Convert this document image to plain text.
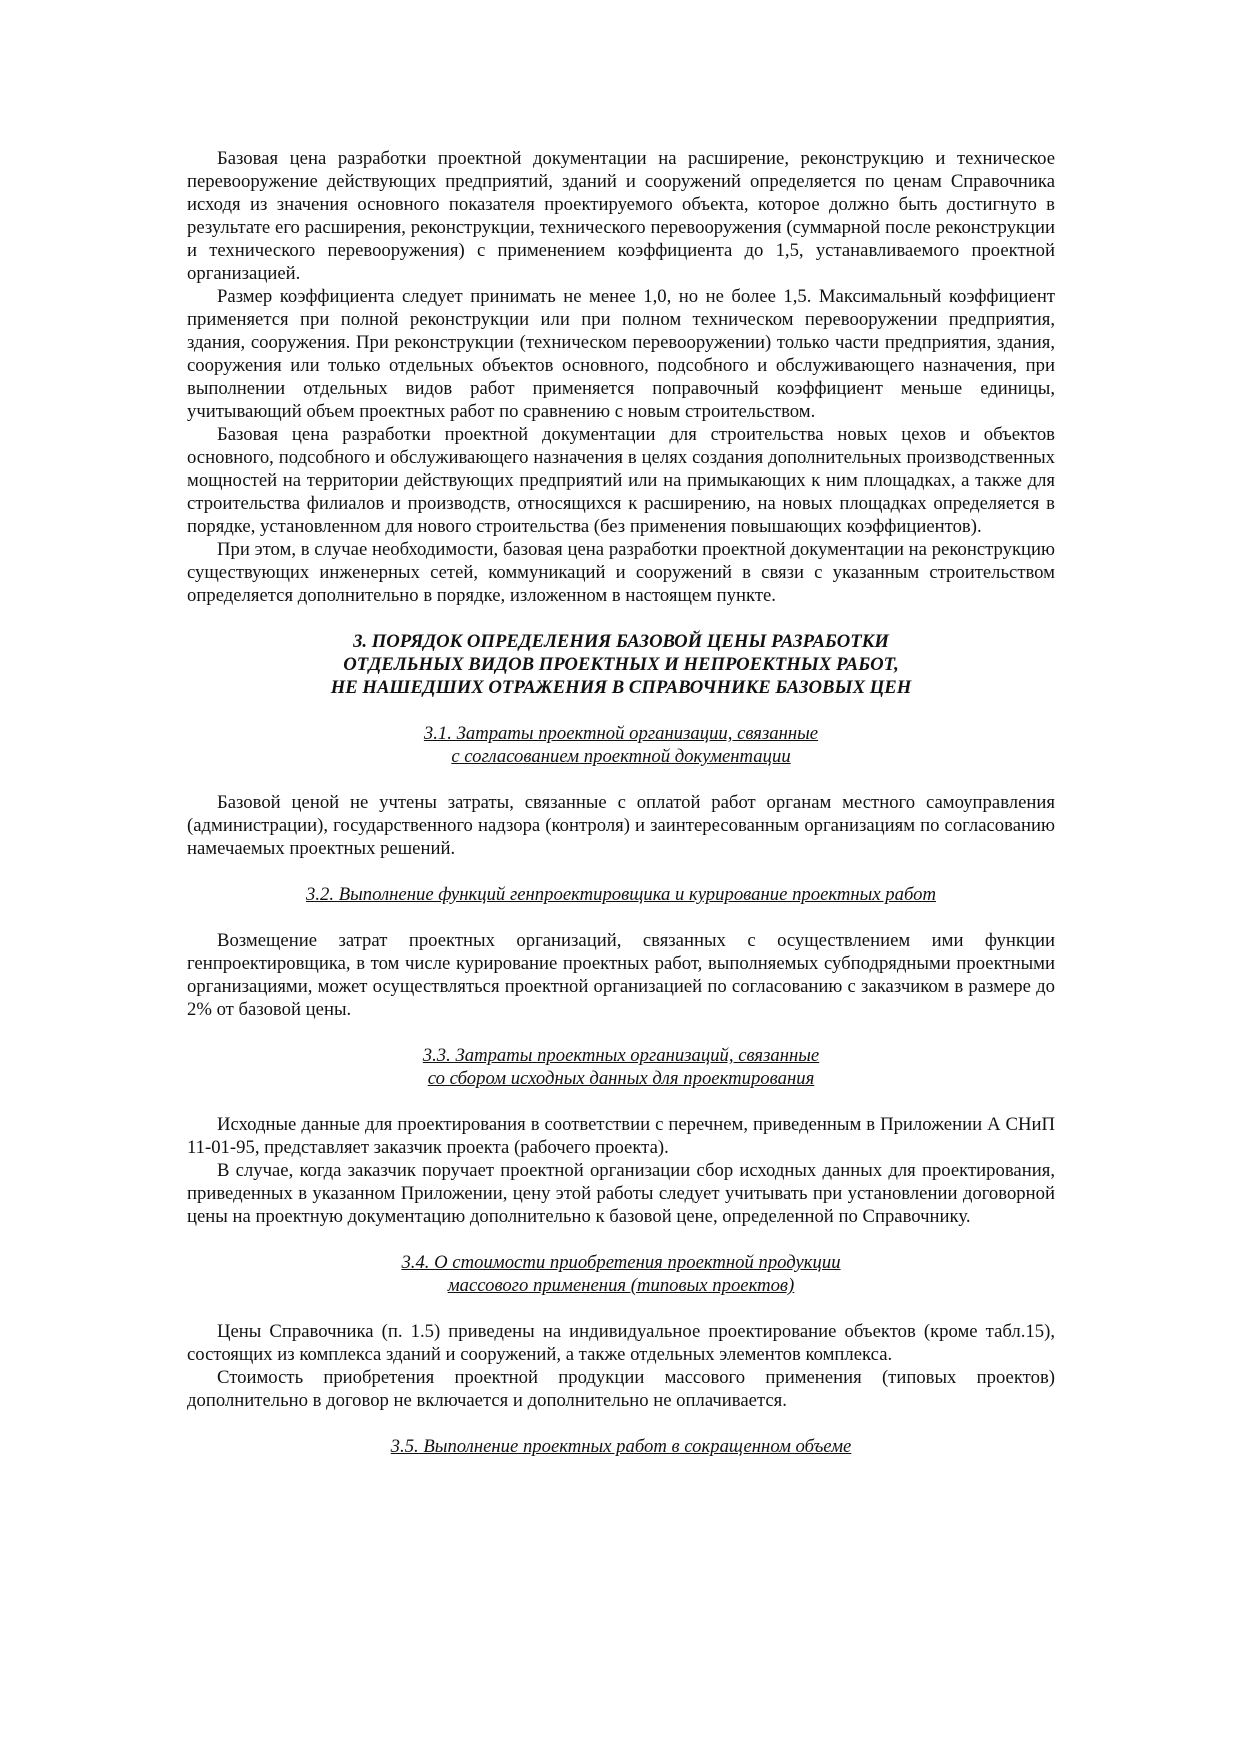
Базовая цена разработки проектной документации на расширение, реконструкцию и техническое перевооружение действующих предприятий, зданий и сооружений определяется по ценам Справочника исходя из значения основного показателя проектируемого объекта, которое должно быть достигнуто в результате его расширения, реконструкции, технического перевооружения (суммарной после реконструкции и технического перевооружения) с применением коэффициента до 1,5, устанавливаемого проектной организацией.

Размер коэффициента следует принимать не менее 1,0, но не более 1,5. Максимальный коэффициент применяется при полной реконструкции или при полном техническом перевооружении предприятия, здания, сооружения. При реконструкции (техническом перевооружении) только части предприятия, здания, сооружения или только отдельных объектов основного, подсобного и обслуживающего назначения, при выполнении отдельных видов работ применяется поправочный коэффициент меньше единицы, учитывающий объем проектных работ по сравнению с новым строительством.

Базовая цена разработки проектной документации для строительства новых цехов и объектов основного, подсобного и обслуживающего назначения в целях создания дополнительных производственных мощностей на территории действующих предприятий или на примыкающих к ним площадках, а также для строительства филиалов и производств, относящихся к расширению, на новых площадках определяется в порядке, установленном для нового строительства (без применения повышающих коэффициентов).

При этом, в случае необходимости, базовая цена разработки проектной документации на реконструкцию существующих инженерных сетей, коммуникаций и сооружений в связи с указанным строительством определяется дополнительно в порядке, изложенном в настоящем пункте.

3. ПОРЯДОК ОПРЕДЕЛЕНИЯ БАЗОВОЙ ЦЕНЫ РАЗРАБОТКИ
ОТДЕЛЬНЫХ ВИДОВ ПРОЕКТНЫХ И НЕПРОЕКТНЫХ РАБОТ,
НЕ НАШЕДШИХ ОТРАЖЕНИЯ В СПРАВОЧНИКЕ БАЗОВЫХ ЦЕН
3.1. Затраты проектной организации, связанные
с согласованием проектной документации

Базовой ценой не учтены затраты, связанные с оплатой работ органам местного самоуправления (администрации), государственного надзора (контроля) и заинтересованным организациям по согласованию намечаемых проектных решений.

3.2. Выполнение функций генпроектировщика и курирование проектных работ

Возмещение затрат проектных организаций, связанных с осуществлением ими функции генпроектировщика, в том числе курирование проектных работ, выполняемых субподрядными проектными организациями, может осуществляться проектной организацией по согласованию с заказчиком в размере до 2% от базовой цены.

3.3. Затраты проектных организаций, связанные
со сбором исходных данных для проектирования

Исходные данные для проектирования в соответствии с перечнем, приведенным в Приложении А СНиП 11-01-95, представляет заказчик проекта (рабочего проекта).

В случае, когда заказчик поручает проектной организации сбор исходных данных для проектирования, приведенных в указанном Приложении, цену этой работы следует учитывать при установлении договорной цены на проектную документацию дополнительно к базовой цене, определенной по Справочнику.

3.4. О стоимости приобретения проектной продукции
массового применения (типовых проектов)

Цены Справочника (п. 1.5) приведены на индивидуальное проектирование объектов (кроме табл.15), состоящих из комплекса зданий и сооружений, а также отдельных элементов комплекса.

Стоимость приобретения проектной продукции массового применения (типовых проектов) дополнительно в договор не включается и дополнительно не оплачивается.

3.5. Выполнение проектных работ в сокращенном объеме
